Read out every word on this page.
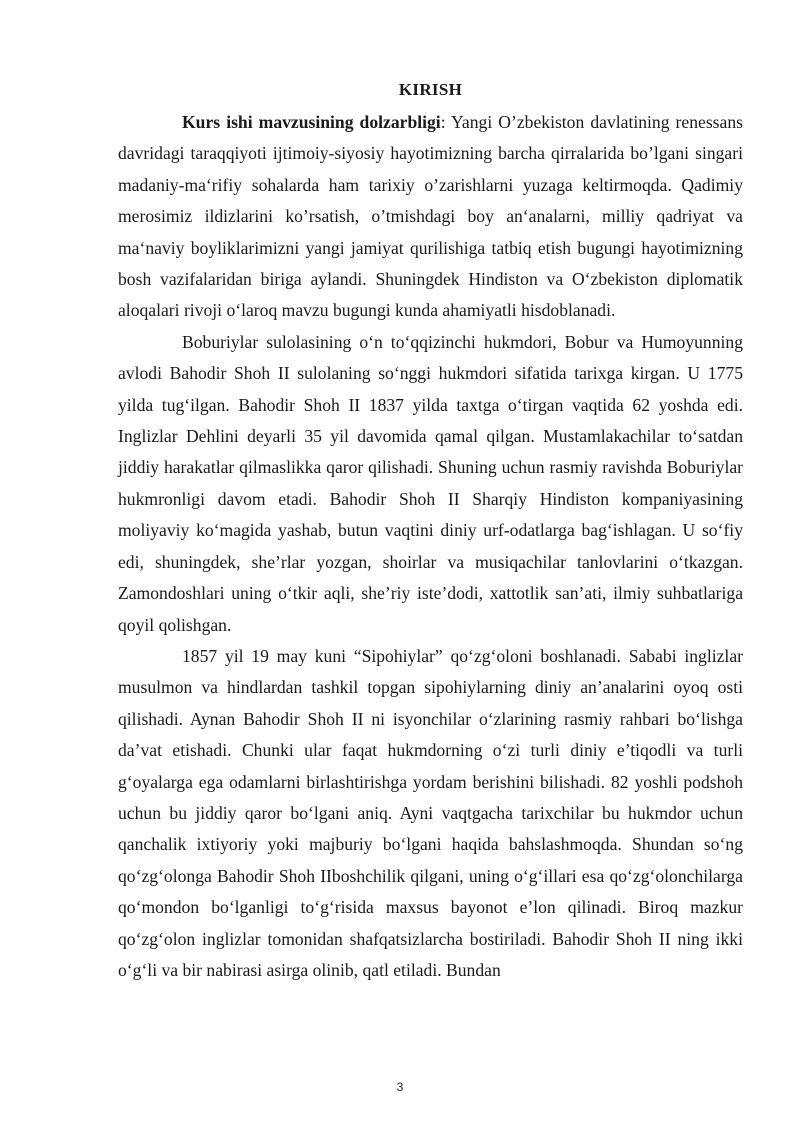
KIRISH

Kurs ishi mavzusining dolzarbligi: Yangi O’zbekiston davlatining renessans davridagi taraqqiyoti ijtimoiy-siyosiy hayotimizning barcha qirralarida bo’lgani singari madaniy-ma‘rifiy sohalarda ham tarixiy o’zarishlarni yuzaga keltirmoqda. Qadimiy merosimiz ildizlarini ko’rsatish, o’tmishdagi boy an‘analarni, milliy qadriyat va ma‘naviy boyliklarimizni yangi jamiyat qurilishiga tatbiq etish bugungi hayotimizning bosh vazifalaridan biriga aylandi. Shuningdek Hindiston va O‘zbekiston diplomatik aloqalari rivoji o‘laroq mavzu bugungi kunda ahamiyatli hisdoblanadi.

Boburiylar sulolasining o‘n to‘qqizinchi hukmdori, Bobur va Humoyunning avlodi Bahodir Shoh II sulolaning so‘nggi hukmdori sifatida tarixga kirgan. U 1775 yilda tug‘ilgan. Bahodir Shoh II 1837 yilda taxtga o‘tirgan vaqtida 62 yoshda edi. Inglizlar Dehlini deyarli 35 yil davomida qamal qilgan. Mustamlakachilar to‘satdan jiddiy harakatlar qilmaslikka qaror qilishadi. Shuning uchun rasmiy ravishda Boburiylar hukmronligi davom etadi. Bahodir Shoh II Sharqiy Hindiston kompaniyasining moliyaviy ko‘magida yashab, butun vaqtini diniy urf-odatlarga bag‘ishlagan. U so‘fiy edi, shuningdek, she’rlar yozgan, shoirlar va musiqachilar tanlovlarini o‘tkazgan. Zamondoshlari uning o‘tkir aqli, she’riy iste’dodi, xattotlik san’ati, ilmiy suhbatlariga qoyil qolishgan.

1857 yil 19 may kuni “Sipohiylar” qo‘zg‘oloni boshlanadi. Sababi inglizlar musulmon va hindlardan tashkil topgan sipohiylarning diniy an’analarini oyoq osti qilishadi. Aynan Bahodir Shoh II ni isyonchilar o‘zlarining rasmiy rahbari bo‘lishga da’vat etishadi. Chunki ular faqat hukmdorning o‘zi turli diniy e’tiqodli va turli g‘oyalarga ega odamlarni birlashtirishga yordam berishini bilishadi. 82 yoshli podshoh uchun bu jiddiy qaror bo‘lgani aniq. Ayni vaqtgacha tarixchilar bu hukmdor uchun qanchalik ixtiyoriy yoki majburiy bo‘lgani haqida bahslashmoqda. Shundan so‘ng qo‘zg‘olonga Bahodir Shoh IIboshchilik qilgani, uning o‘g‘illari esa qo‘zg‘olonchilarga qo‘mondon bo‘lganligi to‘g‘risida maxsus bayonot e’lon qilinadi. Biroq mazkur qo‘zg‘olon inglizlar tomonidan shafqatsizlarcha bostiriladi. Bahodir Shoh II ning ikki o‘g‘li va bir nabirasi asirga olinib, qatl etiladi. Bundan

3
